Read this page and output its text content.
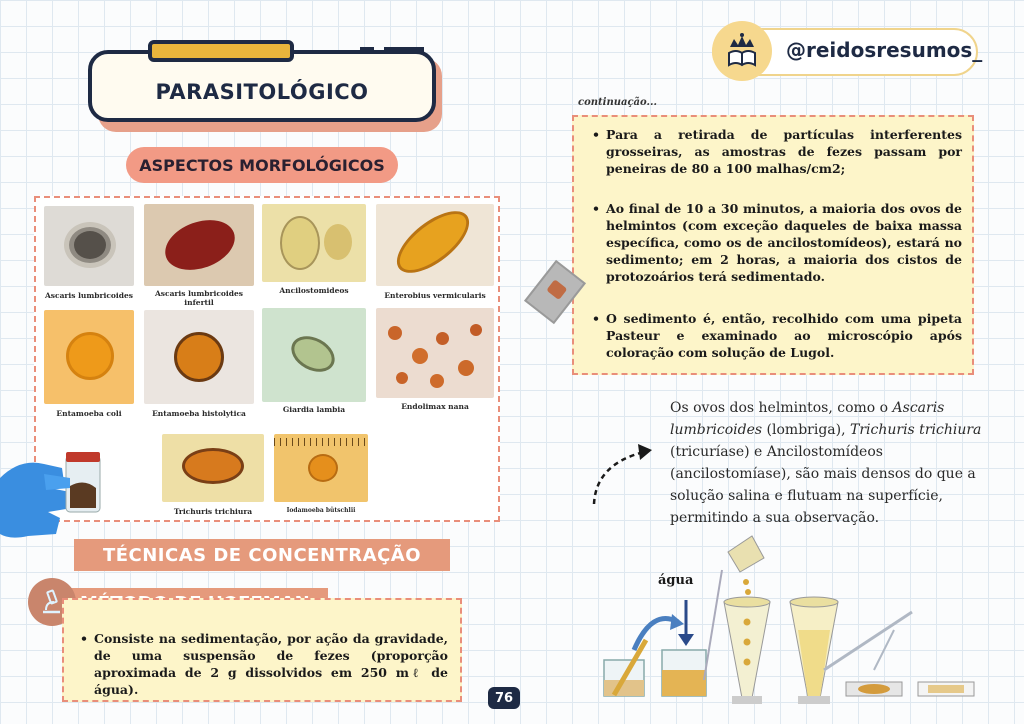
PARASITOLÓGICO
@reidosresumos_
ASPECTOS MORFOLÓGICOS
Ascaris lumbricoides	Ascaris lumbricoides infertil
Ancilostomideos
Enterobius vermicularis
Entamoeba coli	Entamoeba histolytica	Giardia lambia	Endolimax nana
Trichuris trichiura	Iodamoeba bütschlii
TÉCNICAS DE CONCENTRAÇÃO
• Consiste na sedimentação, por ação da gravidade, de uma suspensão de fezes (proporção aproximada de 2 g dissolvidos em 250 mℓ de água).
continuação...
• Para a retirada de partículas interferentes grosseiras, as amostras de fezes passam por peneiras de 80 a 100 malhas/cm2;
• Ao final de 10 a 30 minutos, a maioria dos ovos de helmintos (com exceção daqueles de baixa massa específica, como os de ancilostomídeos), estará no sedimento; em 2 horas, a maioria dos cistos de protozoários terá sedimentado.
• O sedimento é, então, recolhido com uma pipeta Pasteur e examinado ao microscópio após coloração com solução de Lugol.
Os ovos dos helmintos, como o Ascaris lumbricoides (lombriga), Trichuris trichiura (tricuríase) e Ancilostomídeos (ancilostomíase), são mais densos do que a solução salina e flutuam na superfície, permitindo a sua observação.
água
76
